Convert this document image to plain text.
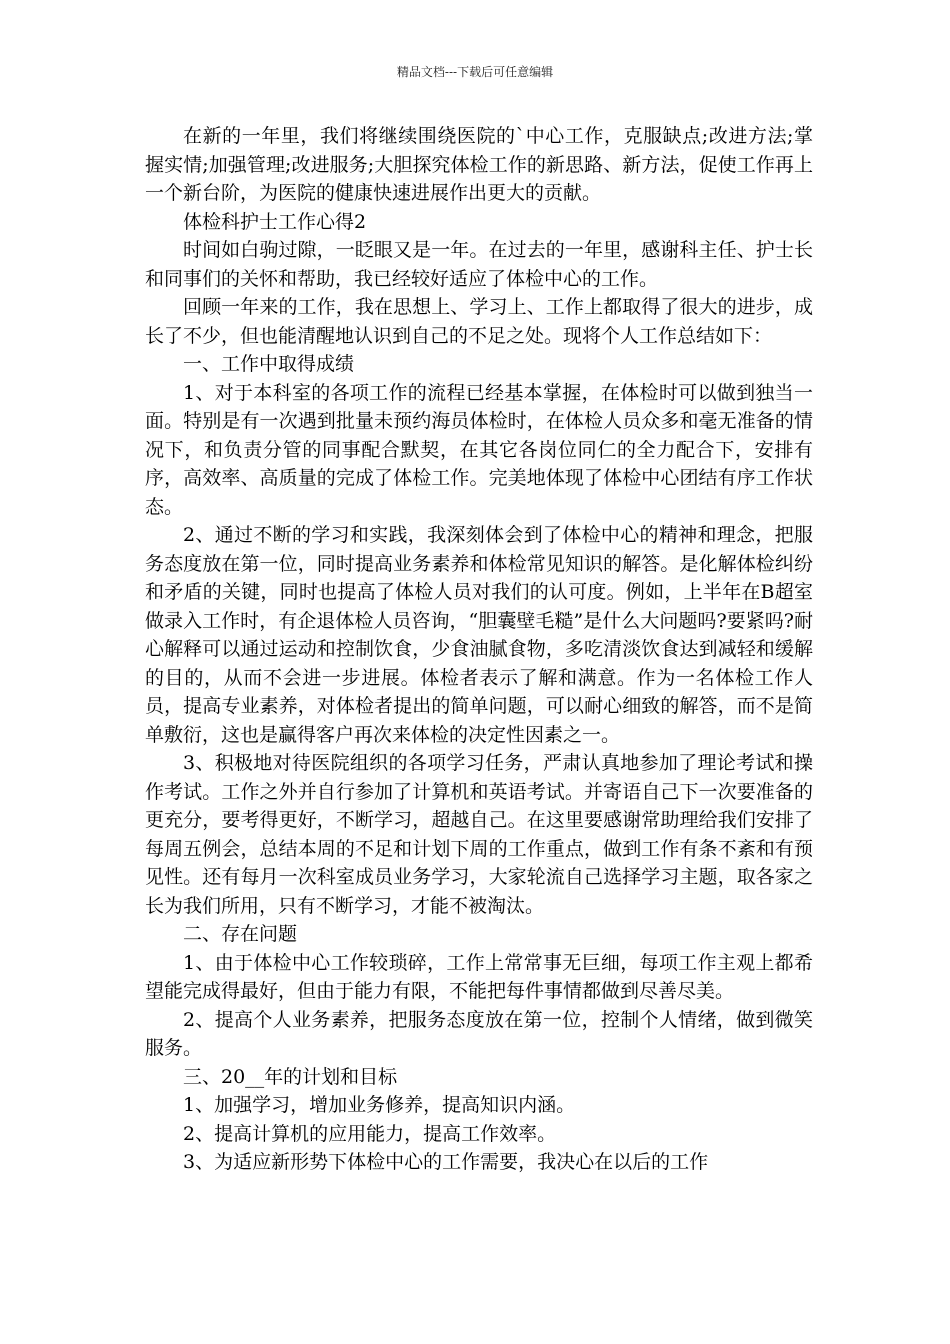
精品文档---下载后可任意编辑

在新的一年里，我们将继续围绕医院的`中心工作，克服缺点;改进方法;掌握实情;加强管理;改进服务;大胆探究体检工作的新思路、新方法，促使工作再上一个新台阶，为医院的健康快速进展作出更大的贡献。

体检科护士工作心得2

时间如白驹过隙，一眨眼又是一年。在过去的一年里，感谢科主任、护士长和同事们的关怀和帮助，我已经较好适应了体检中心的工作。

回顾一年来的工作，我在思想上、学习上、工作上都取得了很大的进步，成长了不少，但也能清醒地认识到自己的不足之处。现将个人工作总结如下：

一、工作中取得成绩

1、对于本科室的各项工作的流程已经基本掌握，在体检时可以做到独当一面。特别是有一次遇到批量未预约海员体检时，在体检人员众多和毫无准备的情况下，和负责分管的同事配合默契，在其它各岗位同仁的全力配合下，安排有序，高效率、高质量的完成了体检工作。完美地体现了体检中心团结有序工作状态。

2、通过不断的学习和实践，我深刻体会到了体检中心的精神和理念，把服务态度放在第一位，同时提高业务素养和体检常见知识的解答。是化解体检纠纷和矛盾的关键，同时也提高了体检人员对我们的认可度。例如，上半年在B超室做录入工作时，有企退体检人员咨询，“胆囊壁毛糙”是什么大问题吗?要紧吗?耐心解释可以通过运动和控制饮食，少食油腻食物，多吃清淡饮食达到减轻和缓解的目的，从而不会进一步进展。体检者表示了解和满意。作为一名体检工作人员，提高专业素养，对体检者提出的简单问题，可以耐心细致的解答，而不是简单敷衍，这也是赢得客户再次来体检的决定性因素之一。

3、积极地对待医院组织的各项学习任务，严肃认真地参加了理论考试和操作考试。工作之外并自行参加了计算机和英语考试。并寄语自己下一次要准备的更充分，要考得更好，不断学习，超越自己。在这里要感谢常助理给我们安排了每周五例会，总结本周的不足和计划下周的工作重点，做到工作有条不紊和有预见性。还有每月一次科室成员业务学习，大家轮流自己选择学习主题，取各家之长为我们所用，只有不断学习，才能不被淘汰。

二、存在问题

1、由于体检中心工作较琐碎，工作上常常事无巨细，每项工作主观上都希望能完成得最好，但由于能力有限，不能把每件事情都做到尽善尽美。

2、提高个人业务素养，把服务态度放在第一位，控制个人情绪，做到微笑服务。

三、20__年的计划和目标

1、加强学习，增加业务修养，提高知识内涵。

2、提高计算机的应用能力，提高工作效率。

3、为适应新形势下体检中心的工作需要，我决心在以后的工作
